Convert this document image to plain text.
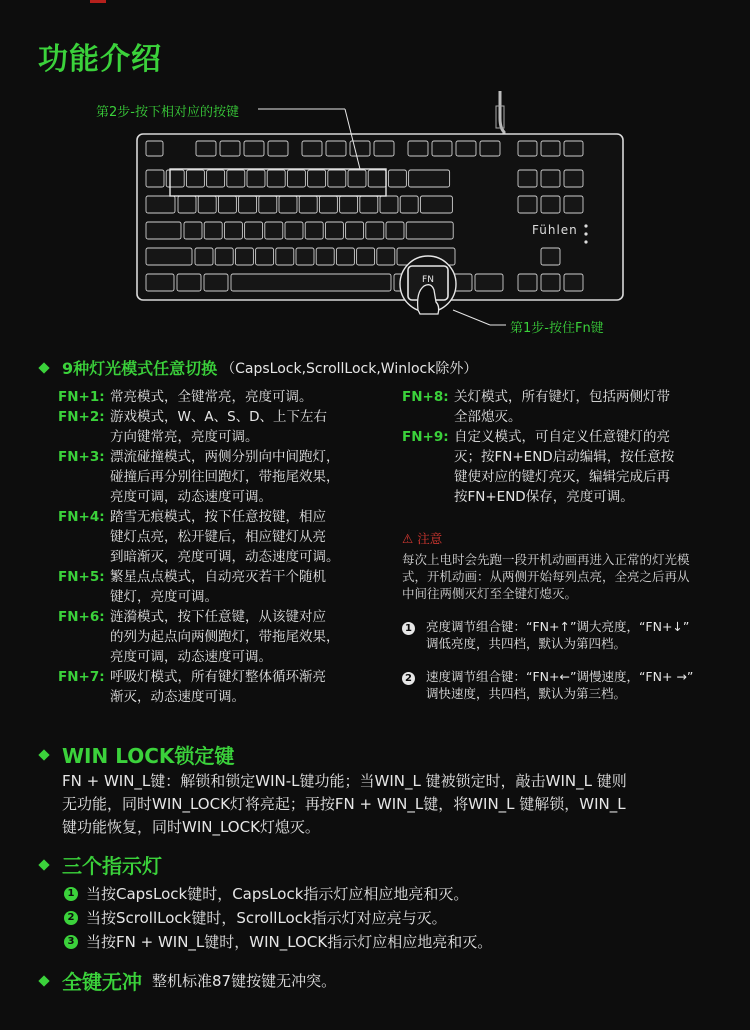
功能介绍
FN
第2步-按下相对应的按键
第1步-按住Fn键
Fühlen
9种灯光模式任意切换 （CapsLock,ScrollLock,Winlock除外）
FN+1: 常亮模式，全键常亮，亮度可调。
FN+2: 游戏模式，W、A、S、D、上下左右
方向键常亮，亮度可调。
FN+3: 漂流碰撞模式，两侧分别向中间跑灯，
碰撞后再分别往回跑灯，带拖尾效果，
亮度可调，动态速度可调。
FN+4: 踏雪无痕模式，按下任意按键，相应
键灯点亮，松开键后，相应键灯从亮
到暗渐灭，亮度可调，动态速度可调。
FN+5: 繁星点点模式，自动亮灭若干个随机
键灯，亮度可调。
FN+6: 涟漪模式，按下任意键，从该键对应
的列为起点向两侧跑灯，带拖尾效果，
亮度可调，动态速度可调。
FN+7: 呼吸灯模式，所有键灯整体循环渐亮
渐灭，动态速度可调。
FN+8: 关灯模式，所有键灯，包括两侧灯带
全部熄灭。
FN+9: 自定义模式，可自定义任意键灯的亮
灭；按FN+END启动编辑，按任意按
键使对应的键灯亮灭，编辑完成后再
按FN+END保存，亮度可调。
⚠ 注意
每次上电时会先跑一段开机动画再进入正常的灯光模
式，开机动画：从两侧开始每列点亮，全亮之后再从
中间往两侧灭灯至全键灯熄灭。
1	亮度调节组合键：“FN+↑”调大亮度，“FN+↓”
调低亮度，共四档，默认为第四档。
2	速度调节组合键：“FN+←”调慢速度，“FN+ →”
调快速度，共四档，默认为第三档。
WIN LOCK锁定键
FN + WIN_L键：解锁和锁定WIN-L键功能；当WIN_L 键被锁定时，敲击WIN_L 键则
无功能，同时WIN_LOCK灯将亮起；再按FN + WIN_L键，将WIN_L 键解锁，WIN_L
键功能恢复，同时WIN_LOCK灯熄灭。
三个指示灯
1 当按CapsLock键时，CapsLock指示灯应相应地亮和灭。
2 当按ScrollLock键时，ScrollLock指示灯对应亮与灭。
3 当按FN + WIN_L键时，WIN_LOCK指示灯应相应地亮和灭。
全键无冲 整机标准87键按键无冲突。
